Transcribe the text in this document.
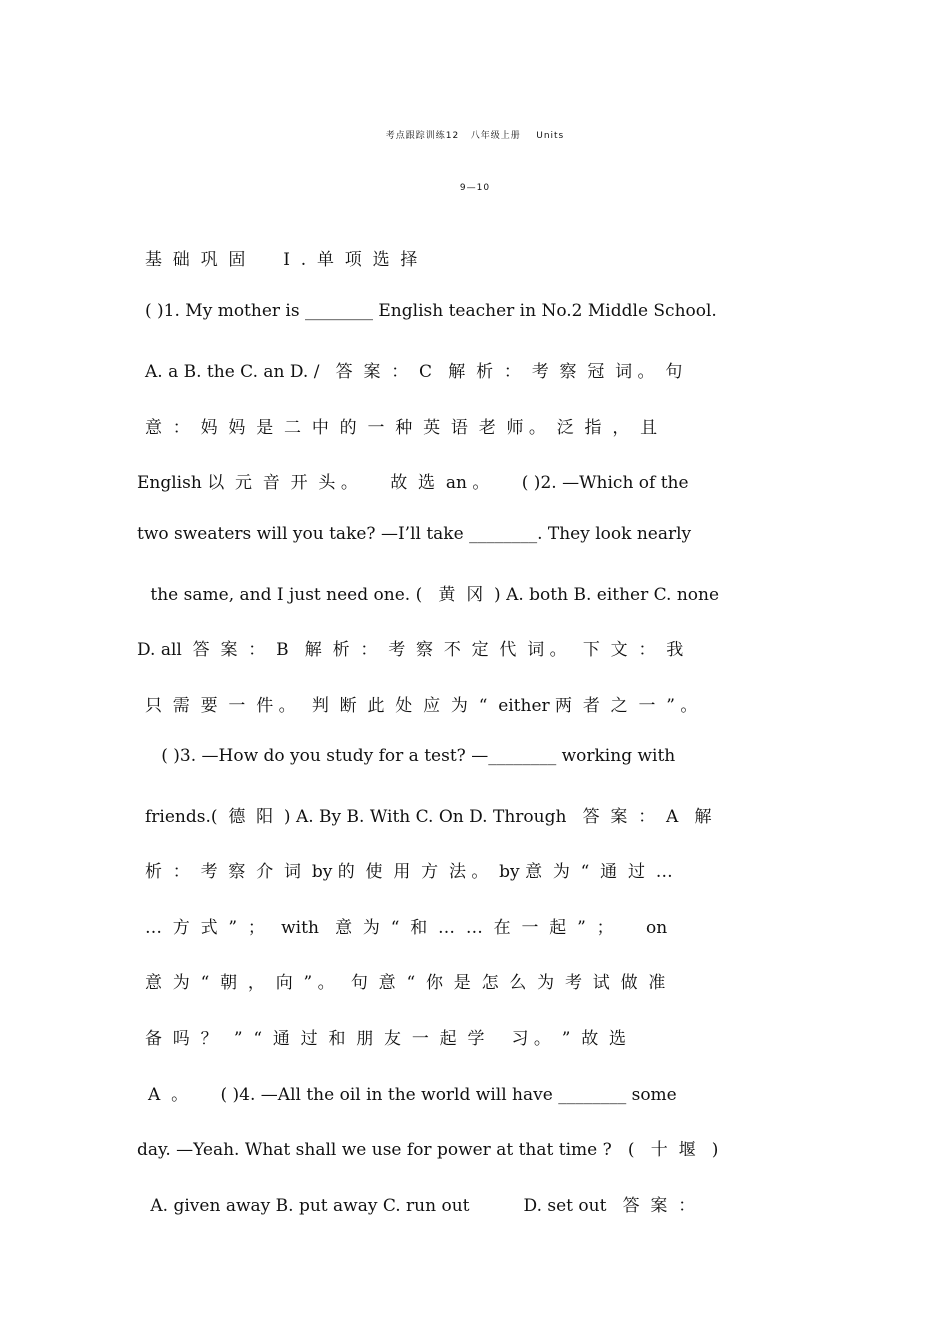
考点跟踪训练12   八年级上册    Units
9—10
基  础  巩  固       I  .  单  项  选  择
( )1. My mother is ________ English teacher in No.2 Middle School.
A. a B. the C. an D. /   答  案  ：  C   解  析  ：  考  察  冠  词 。  句
意  ：  妈  妈  是  二  中  的  一  种  英  语  老  师 。  泛  指  ，  且
English 以  元  音  开  头 。      故  选  an 。      ( )2. —Which of the
two sweaters will you take? —I’ll take ________. They look nearly
the same, and I just need one. (   黄  冈  ) A. both B. either C. none
D. all  答  案  ：  B   解  析  ：  考  察  不  定  代  词 。   下  文  ：  我
只  需  要  一  件 。   判  断  此  处  应  为  “  either 两  者  之  一  ” 。
( )3. —How do you study for a test? —________ working with
friends.(  德  阳  ) A. By B. With C. On D. Through   答  案  ：  A   解
析  ：  考  察  介  词  by 的  使  用  方  法 。  by 意  为  “  通  过  …
…  方  式  ”  ；   with   意  为  “  和  …  …  在  一  起  ”  ；      on
意  为  “  朝  ，  向  ” 。   句  意  “  你  是  怎  么  为  考  试  做  准
备  吗  ？   ”  “  通  过  和  朋  友  一  起  学     习 。  ”  故  选
A  。      ( )4. —All the oil in the world will have ________ some
day. —Yeah. What shall we use for power at that time ?   (   十  堰   )
A. given away B. put away C. run out          D. set out   答  案  ：
